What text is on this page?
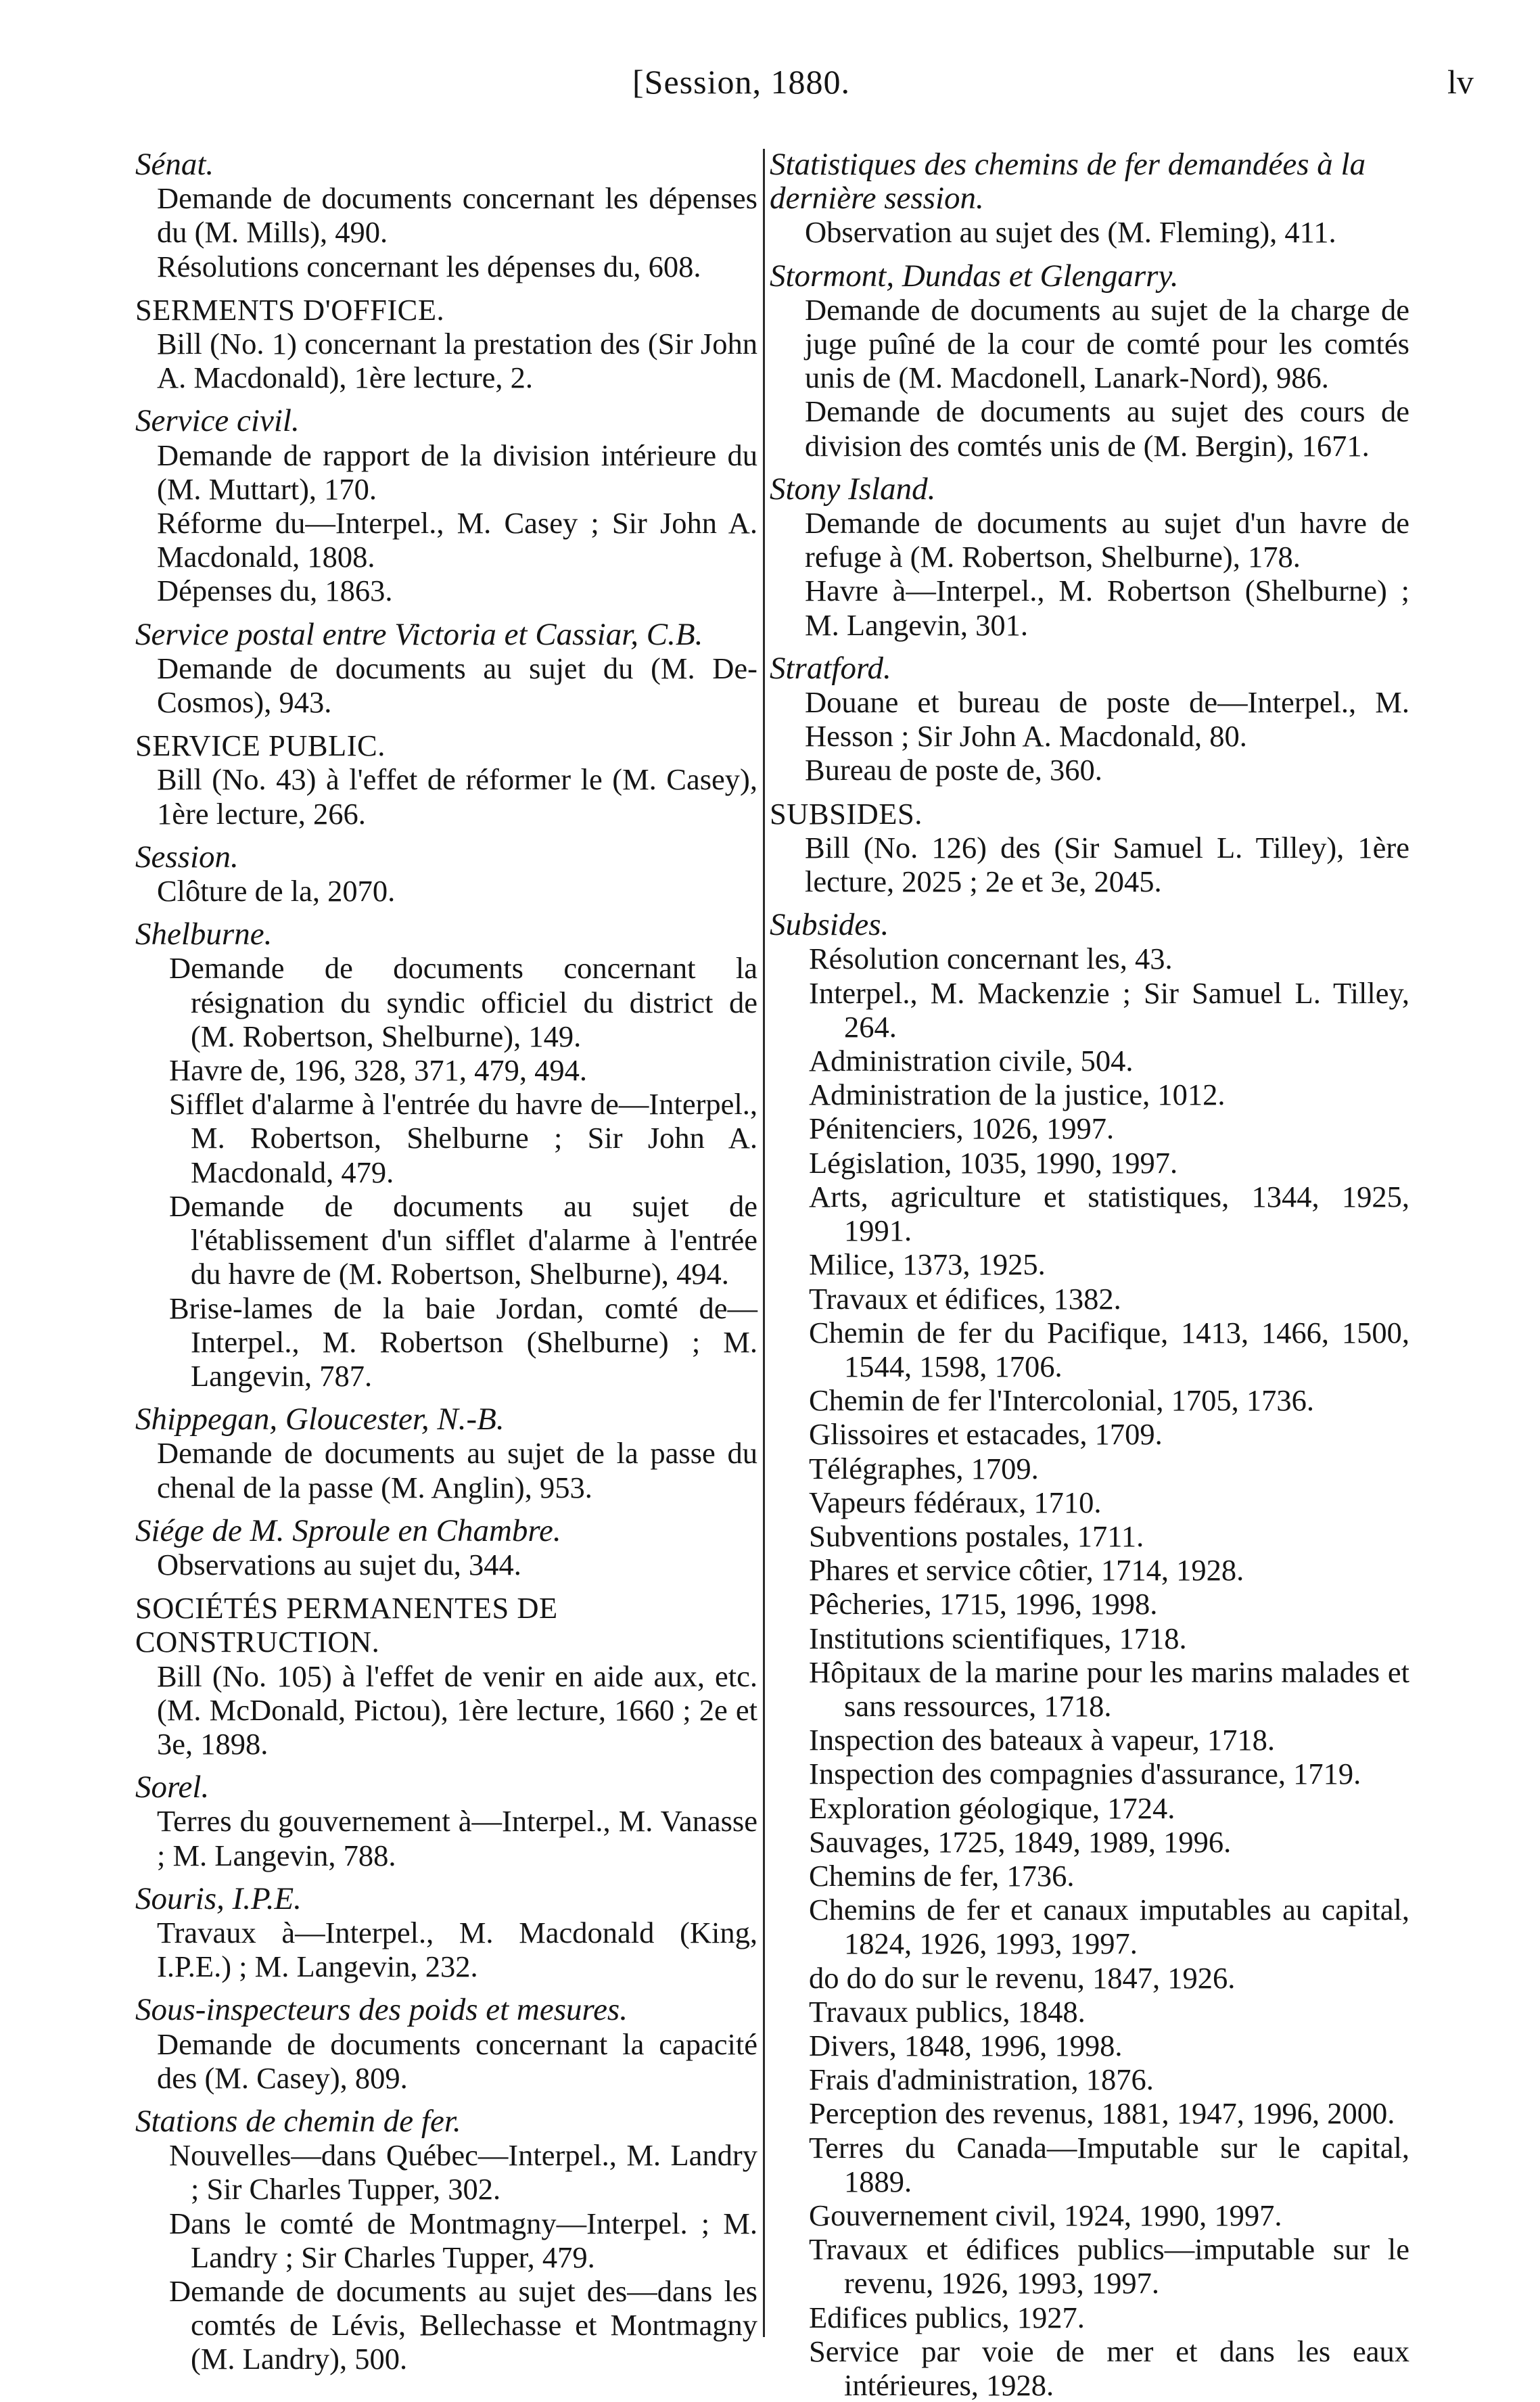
[Session, 1880.	lv
Sénat.
Demande de documents concernant les dépenses du (M. Mills), 490.
Résolutions concernant les dépenses du, 608.
SERMENTS D'OFFICE.
Bill (No. 1) concernant la prestation des (Sir John A. Macdonald), 1ère lecture, 2.
Service civil.
Demande de rapport de la division intérieure du (M. Muttart), 170.
Réforme du—Interpel., M. Casey ; Sir John A. Macdonald, 1808.
Dépenses du, 1863.
Service postal entre Victoria et Cassiar, C.B.
Demande de documents au sujet du (M. De-Cosmos), 943.
SERVICE PUBLIC.
Bill (No. 43) à l'effet de réformer le (M. Casey), 1ère lecture, 266.
Session.
Clôture de la, 2070.
Shelburne.
Demande de documents concernant la résignation du syndic officiel du district de (M. Robertson, Shelburne), 149.
Havre de, 196, 328, 371, 479, 494.
Sifflet d'alarme à l'entrée du havre de—Interpel., M. Robertson, Shelburne ; Sir John A. Macdonald, 479.
Demande de documents au sujet de l'établissement d'un sifflet d'alarme à l'entrée du havre de (M. Robertson, Shelburne), 494.
Brise-lames de la baie Jordan, comté de—Interpel., M. Robertson (Shelburne) ; M. Langevin, 787.
Shippegan, Gloucester, N.-B.
Demande de documents au sujet de la passe du chenal de la passe (M. Anglin), 953.
Siége de M. Sproule en Chambre.
Observations au sujet du, 344.
SOCIÉTÉS PERMANENTES DE CONSTRUCTION.
Bill (No. 105) à l'effet de venir en aide aux, etc. (M. McDonald, Pictou), 1ère lecture, 1660 ; 2e et 3e, 1898.
Sorel.
Terres du gouvernement à—Interpel., M. Vanasse ; M. Langevin, 788.
Souris, I.P.E.
Travaux à—Interpel., M. Macdonald (King, I.P.E.) ; M. Langevin, 232.
Sous-inspecteurs des poids et mesures.
Demande de documents concernant la capacité des (M. Casey), 809.
Stations de chemin de fer.
Nouvelles—dans Québec—Interpel., M. Landry ; Sir Charles Tupper, 302.
Dans le comté de Montmagny—Interpel. ; M. Landry ; Sir Charles Tupper, 479.
Demande de documents au sujet des—dans les comtés de Lévis, Bellechasse et Montmagny (M. Landry), 500.
Statistiques des chemins de fer demandées à la dernière session.
Observation au sujet des (M. Fleming), 411.
Stormont, Dundas et Glengarry.
Demande de documents au sujet de la charge de juge puîné de la cour de comté pour les comtés unis de (M. Macdonell, Lanark-Nord), 986.
Demande de documents au sujet des cours de division des comtés unis de (M. Bergin), 1671.
Stony Island.
Demande de documents au sujet d'un havre de refuge à (M. Robertson, Shelburne), 178.
Havre à—Interpel., M. Robertson (Shelburne) ; M. Langevin, 301.
Stratford.
Douane et bureau de poste de—Interpel., M. Hesson ; Sir John A. Macdonald, 80.
Bureau de poste de, 360.
SUBSIDES.
Bill (No. 126) des (Sir Samuel L. Tilley), 1ère lecture, 2025 ; 2e et 3e, 2045.
Subsides.
Résolution concernant les, 43.
Interpel., M. Mackenzie ; Sir Samuel L. Tilley, 264.
Administration civile, 504.
Administration de la justice, 1012.
Pénitenciers, 1026, 1997.
Législation, 1035, 1990, 1997.
Arts, agriculture et statistiques, 1344, 1925, 1991.
Milice, 1373, 1925.
Travaux et édifices, 1382.
Chemin de fer du Pacifique, 1413, 1466, 1500, 1544, 1598, 1706.
Chemin de fer l'Intercolonial, 1705, 1736.
Glissoires et estacades, 1709.
Télégraphes, 1709.
Vapeurs fédéraux, 1710.
Subventions postales, 1711.
Phares et service côtier, 1714, 1928.
Pêcheries, 1715, 1996, 1998.
Institutions scientifiques, 1718.
Hôpitaux de la marine pour les marins malades et sans ressources, 1718.
Inspection des bateaux à vapeur, 1718.
Inspection des compagnies d'assurance, 1719.
Exploration géologique, 1724.
Sauvages, 1725, 1849, 1989, 1996.
Chemins de fer, 1736.
Chemins de fer et canaux imputables au capital, 1824, 1926, 1993, 1997.
do do do sur le revenu, 1847, 1926.
Travaux publics, 1848.
Divers, 1848, 1996, 1998.
Frais d'administration, 1876.
Perception des revenus, 1881, 1947, 1996, 2000.
Terres du Canada—Imputable sur le capital, 1889.
Gouvernement civil, 1924, 1990, 1997.
Travaux et édifices publics—imputable sur le revenu, 1926, 1993, 1997.
Edifices publics, 1927.
Service par voie de mer et dans les eaux intérieures, 1928.
